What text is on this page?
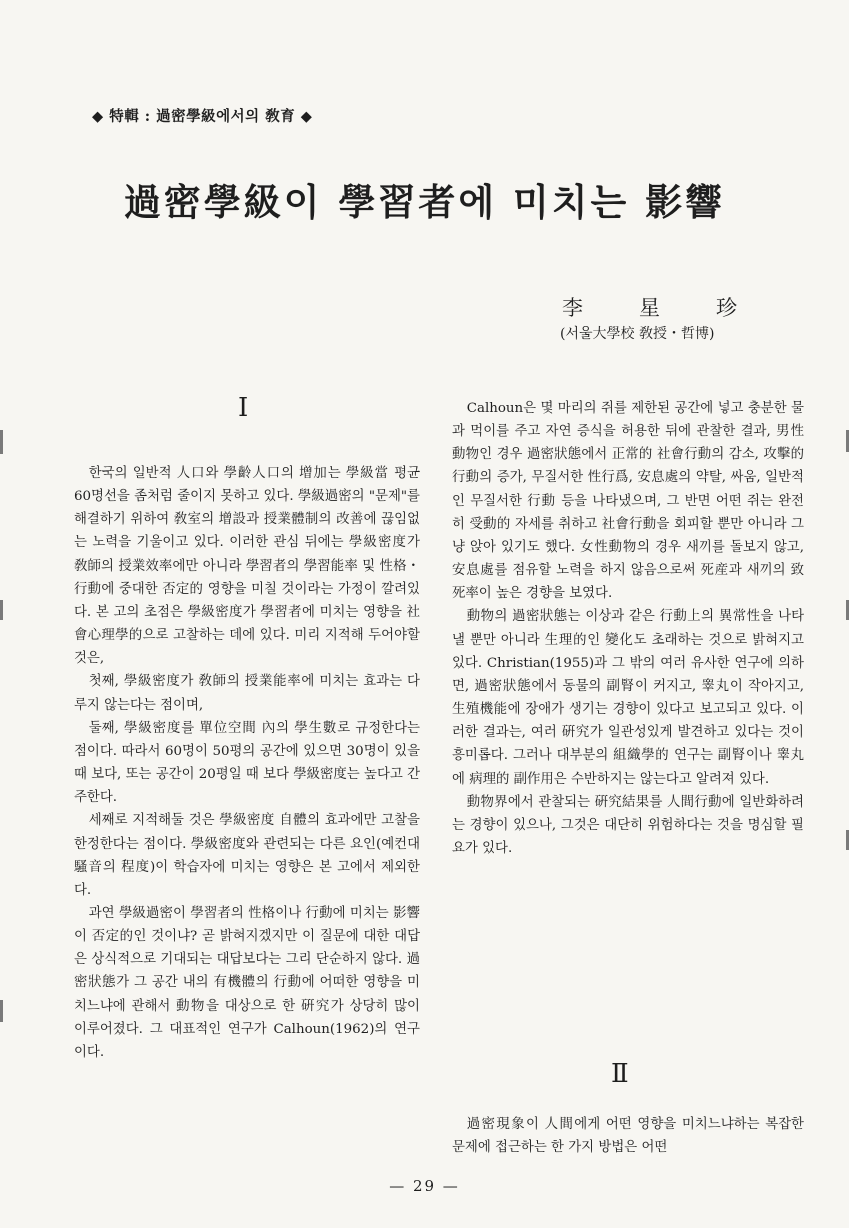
◆ 特輯 : 過密學級에서의 敎育 ◆
過密學級이 學習者에 미치는 影響
李	星	珍
(서울大學校 敎授・哲博)
I

한국의 일반적 人口와 學齡人口의 增加는 學級當 평균 60명선을 좀처럼 줄이지 못하고 있다. 學級過密의 "문제"를 해결하기 위하여 敎室의 增設과 授業體制의 改善에 끊임없는 노력을 기울이고 있다. 이러한 관심 뒤에는 學級密度가 敎師의 授業效率에만 아니라 學習者의 學習能率 및 性格・行動에 중대한 否定的 영향을 미칠 것이라는 가정이 깔려있다. 본 고의 초점은 學級密度가 學習者에 미치는 영향을 社會心理學的으로 고찰하는 데에 있다. 미리 지적해 두어야할 것은,

첫째, 學級密度가 敎師의 授業能率에 미치는 효과는 다루지 않는다는 점이며,

둘째, 學級密度를 單位空間 內의 學生數로 규정한다는 점이다. 따라서 60명이 50평의 공간에 있으면 30명이 있을 때 보다, 또는 공간이 20평일 때 보다 學級密度는 높다고 간주한다.

세째로 지적해둘 것은 學級密度 自體의 효과에만 고찰을 한정한다는 점이다. 學級密度와 관련되는 다른 요인(예컨대 騷音의 程度)이 학습자에 미치는 영향은 본 고에서 제외한다.

과연 學級過密이 學習者의 性格이나 行動에 미치는 影響이 否定的인 것이냐? 곧 밝혀지겠지만 이 질문에 대한 대답은 상식적으로 기대되는 대답보다는 그리 단순하지 않다. 過密狀態가 그 공간 내의 有機體의 行動에 어떠한 영향을 미치느냐에 관해서 動物을 대상으로 한 硏究가 상당히 많이 이루어졌다. 그 대표적인 연구가 Calhoun(1962)의 연구이다.

Calhoun은 몇 마리의 쥐를 제한된 공간에 넣고 충분한 물과 먹이를 주고 자연 증식을 허용한 뒤에 관찰한 결과, 男性 動物인 경우 過密狀態에서 正常的 社會行動의 감소, 攻擊的 行動의 증가, 무질서한 性行爲, 安息處의 약탈, 싸움, 일반적인 무질서한 行動 등을 나타냈으며, 그 반면 어떤 쥐는 완전히 受動的 자세를 취하고 社會行動을 회피할 뿐만 아니라 그냥 앉아 있기도 했다. 女性動物의 경우 새끼를 돌보지 않고, 安息處를 점유할 노력을 하지 않음으로써 死産과 새끼의 致死率이 높은 경향을 보였다.

動物의 過密狀態는 이상과 같은 行動上의 異常性을 나타낼 뿐만 아니라 生理的인 變化도 초래하는 것으로 밝혀지고 있다. Christian(1955)과 그 밖의 여러 유사한 연구에 의하면, 過密狀態에서 동물의 副腎이 커지고, 睾丸이 작아지고, 生殖機能에 장애가 생기는 경향이 있다고 보고되고 있다. 이러한 결과는, 여러 硏究가 일관성있게 발견하고 있다는 것이 흥미롭다. 그러나 대부분의 組織學的 연구는 副腎이나 睾丸에 病理的 副作用은 수반하지는 않는다고 알려져 있다.

動物界에서 관찰되는 硏究結果를 人間行動에 일반화하려는 경향이 있으나, 그것은 대단히 위험하다는 것을 명심할 필요가 있다.

Ⅱ

過密現象이 人間에게 어떤 영향을 미치느냐하는 복잡한 문제에 접근하는 한 가지 방법은 어떤

— 29 —
